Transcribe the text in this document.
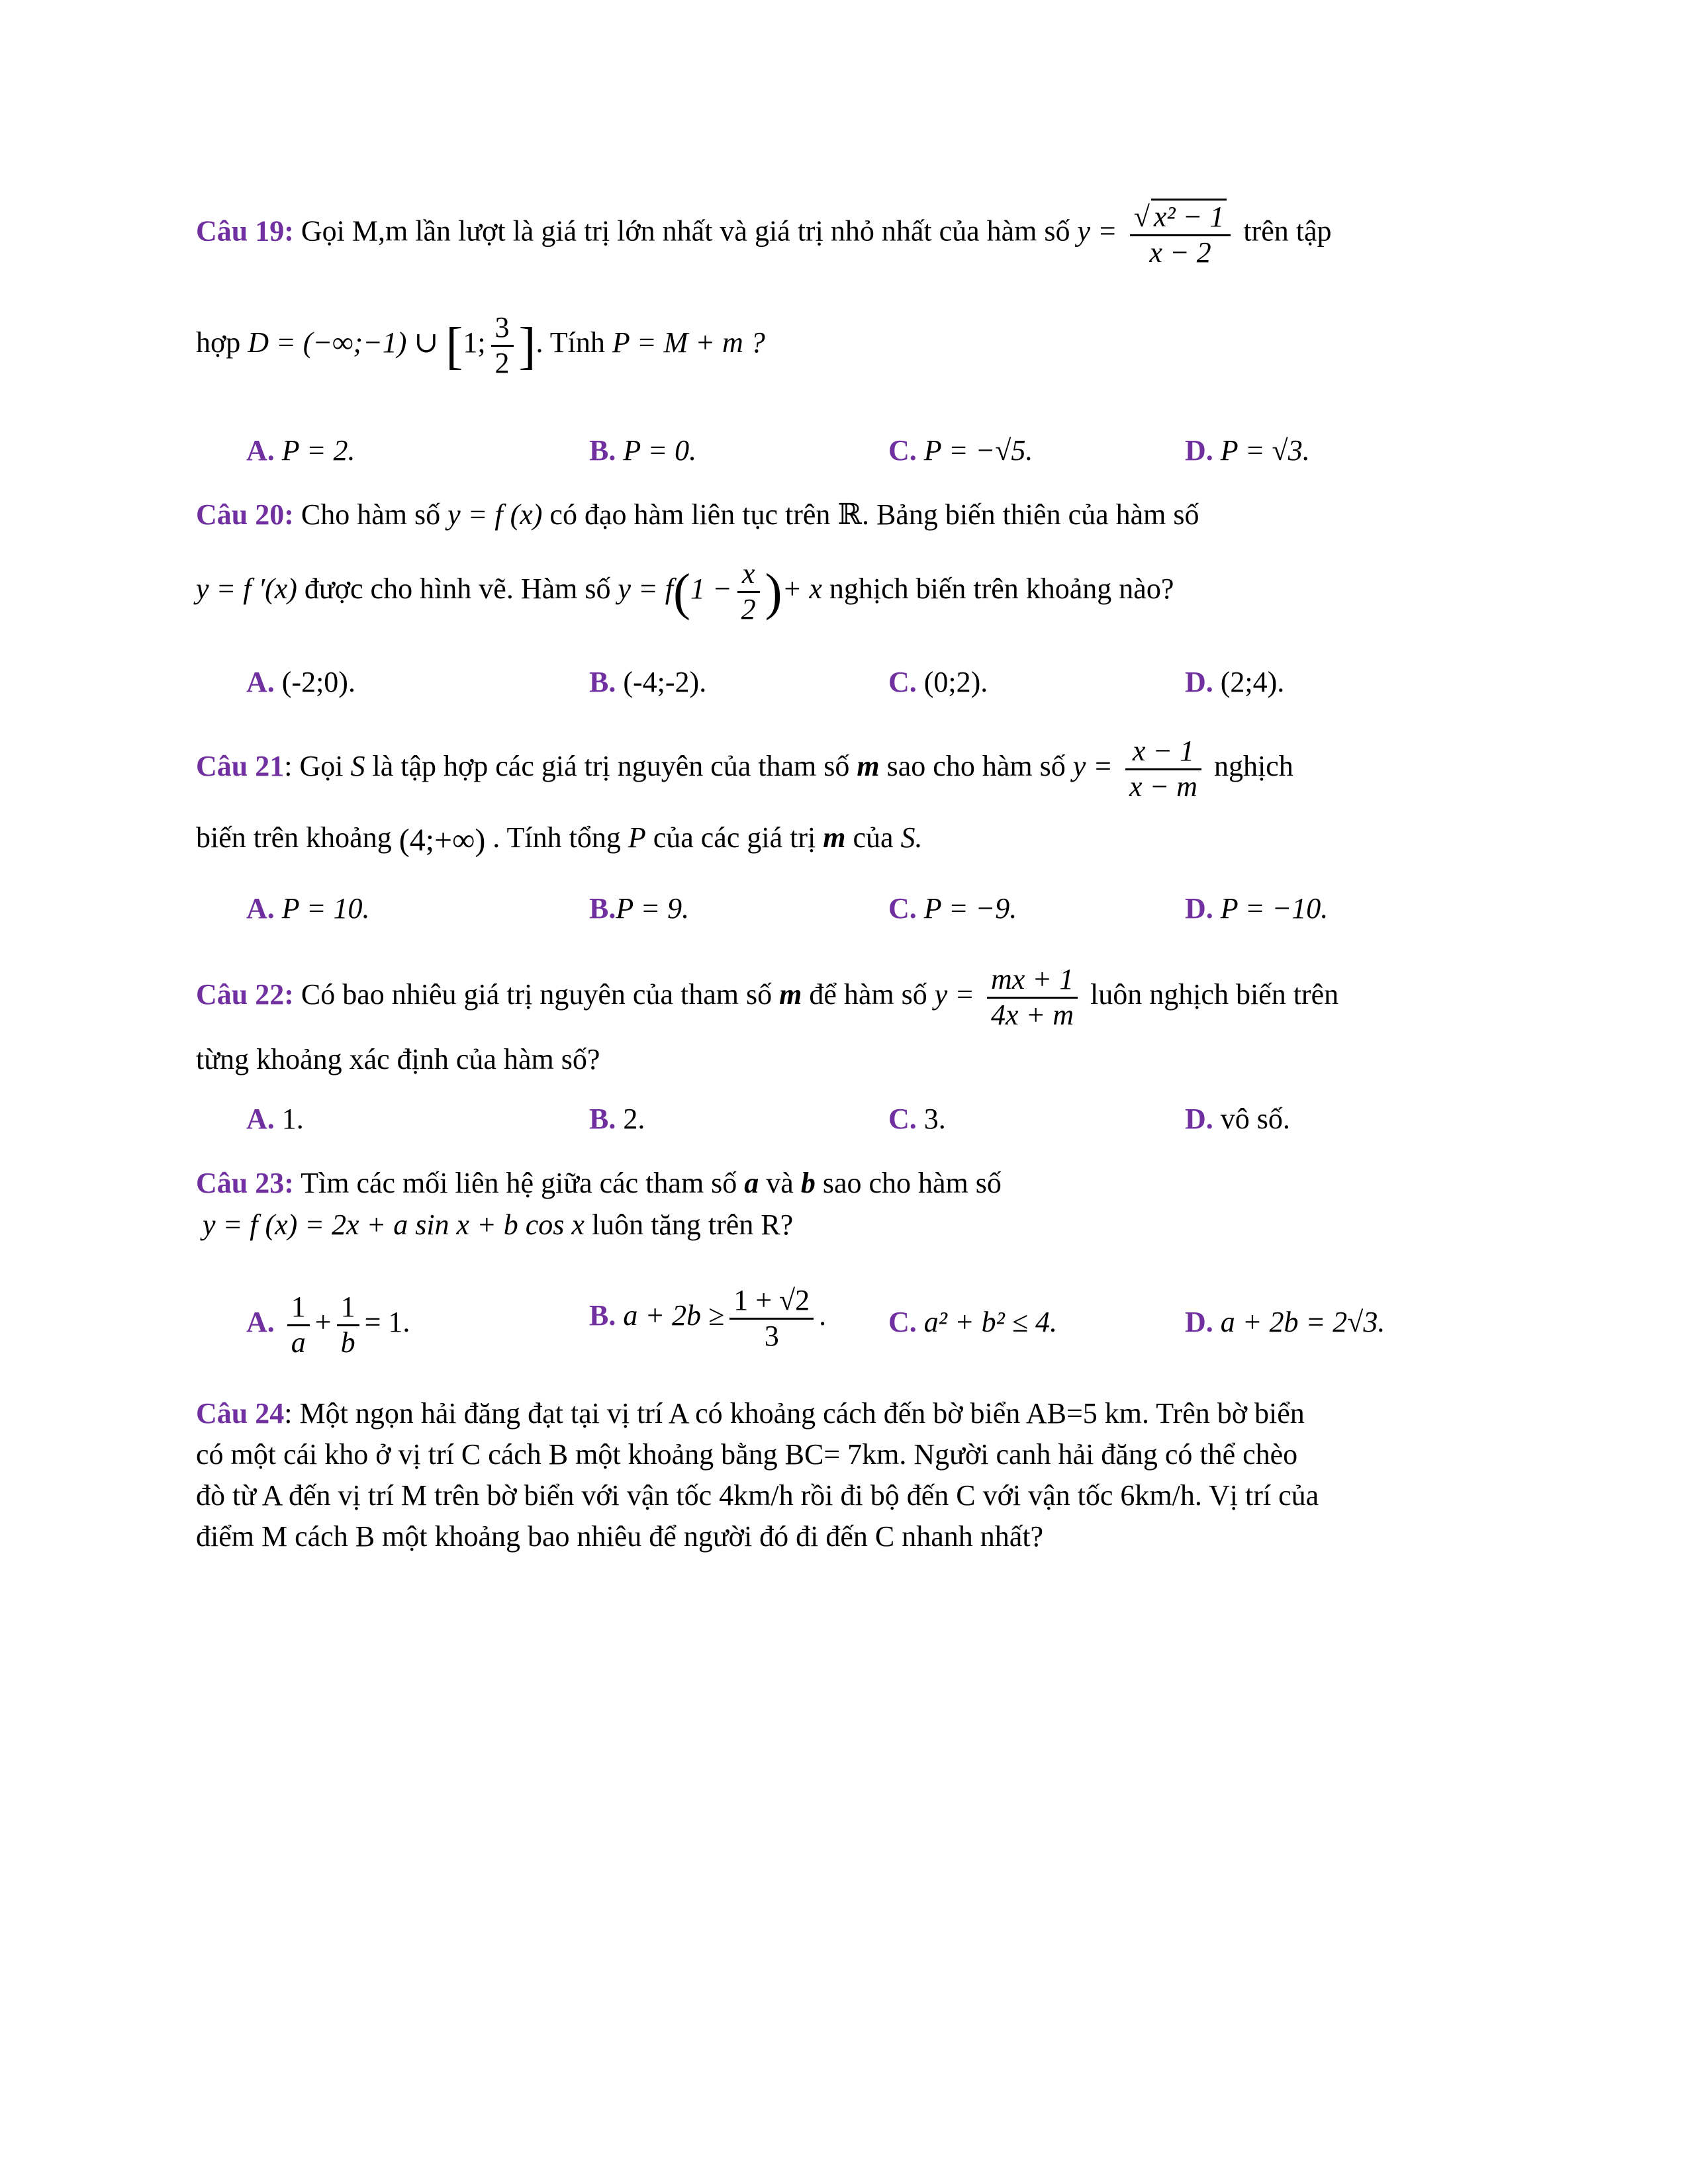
Câu 19: Gọi M,m lần lượt là giá trị lớn nhất và giá trị nhỏ nhất của hàm số $y = \frac{\text{√ x² − 1}}{x - 2}$ trên tập
hợp D = (−∞;−1) ∪ [1; $\frac{3}{2}$ ]. Tính P = M + m ?
A. P = 2.	B. P = 0.	C. P = −√5.	D. P = √3.
Câu 20: Cho hàm số y = f (x) có đạo hàm liên tục trên ℝ. Bảng biến thiên của hàm số
y = f ′(x) được cho hình vẽ. Hàm số $y = f(1 - \frac{x}{2}$ )+ x nghịch biến trên khoảng nào?
A. (-2;0).	B. (-4;-2).	C. (0;2).	D. (2;4).
Câu 21: Gọi S là tập hợp các giá trị nguyên của tham số m sao cho hàm số $y = \frac{x - 1}{x - m}$ nghịch
biến trên khoảng (4;+∞) . Tính tổng P của các giá trị m của S.
A. P = 10.	B.P = 9.	C. P = −9.	D. P = −10.
Câu 22: Có bao nhiêu giá trị nguyên của tham số m để hàm số $y = \frac{mx + 1}{4x + m}$ luôn nghịch biến trên
từng khoảng xác định của hàm số?
A. 1.	B. 2.	C. 3.	D. vô số.
Câu 23: Tìm các mối liên hệ giữa các tham số a và b sao cho hàm số
y = f (x) = 2x + a sin x + b cos x luôn tăng trên R?
A. $\frac{1}{a} + \frac{1}{b} = 1$.	B. $a + 2b \ge \frac{1 + √2}{3}$ . C. a² + b² ≤ 4.	D. a + 2b = 2√3.
Câu 24: Một ngọn hải đăng đạt tại vị trí A có khoảng cách đến bờ biển AB=5 km. Trên bờ biển
có một cái kho ở vị trí C cách B một khoảng bằng BC= 7km. Người canh hải đăng có thể chèo
đò từ A đến vị trí M trên bờ biển với vận tốc 4km/h rồi đi bộ đến C với vận tốc 6km/h. Vị trí của
điểm M cách B một khoảng bao nhiêu để người đó đi đến C nhanh nhất?
